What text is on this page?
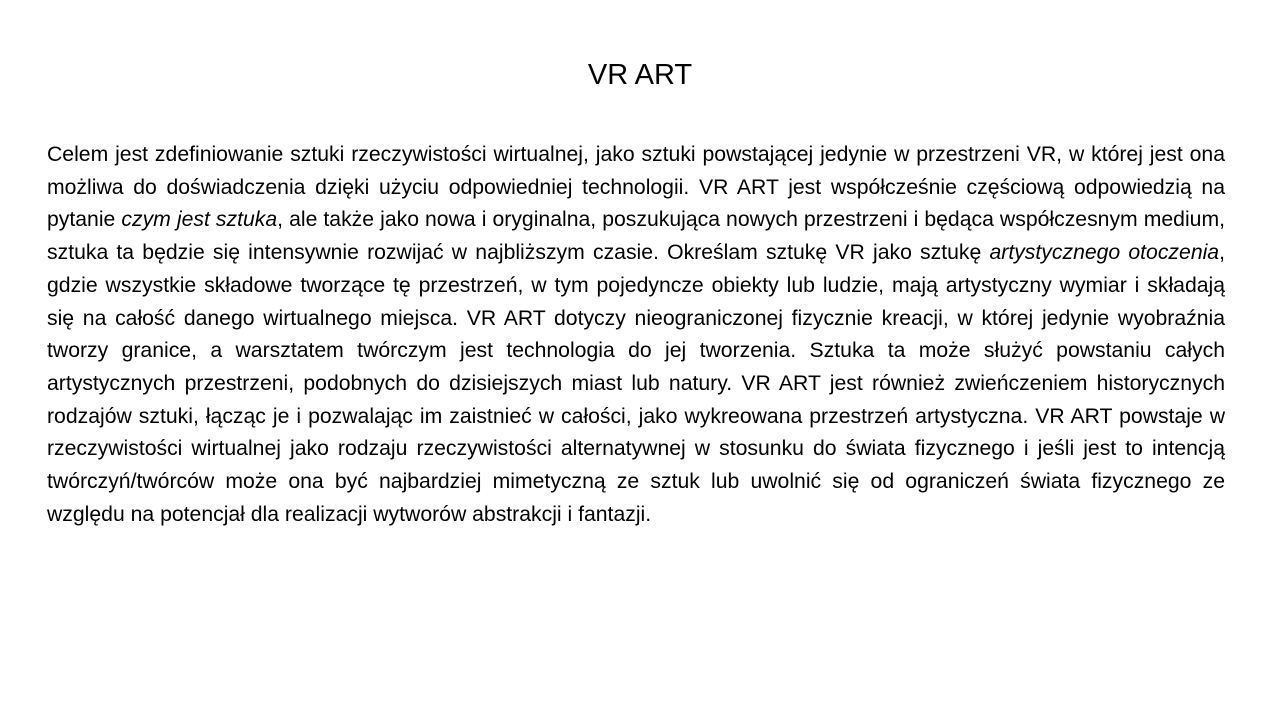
VR ART

Celem jest zdefiniowanie sztuki rzeczywistości wirtualnej, jako sztuki powstającej jedynie w przestrzeni VR, w której jest ona możliwa do doświadczenia dzięki użyciu odpowiedniej technologii. VR ART jest współcześnie częściową odpowiedzią na pytanie czym jest sztuka, ale także jako nowa i oryginalna, poszukująca nowych przestrzeni i będąca współczesnym medium, sztuka ta będzie się intensywnie rozwijać w najbliższym czasie. Określam sztukę VR jako sztukę artystycznego otoczenia, gdzie wszystkie składowe tworzące tę przestrzeń, w tym pojedyncze obiekty lub ludzie, mają artystyczny wymiar i składają się na całość danego wirtualnego miejsca. VR ART dotyczy nieograniczonej fizycznie kreacji, w której jedynie wyobraźnia tworzy granice, a warsztatem twórczym jest technologia do jej tworzenia. Sztuka ta może służyć powstaniu całych artystycznych przestrzeni, podobnych do dzisiejszych miast lub natury. VR ART jest również zwieńczeniem historycznych rodzajów sztuki, łącząc je i pozwalając im zaistnieć w całości, jako wykreowana przestrzeń artystyczna. VR ART powstaje w rzeczywistości wirtualnej jako rodzaju rzeczywistości alternatywnej w stosunku do świata fizycznego i jeśli jest to intencją twórczyń/twórców może ona być najbardziej mimetyczną ze sztuk lub uwolnić się od ograniczeń świata fizycznego ze względu na potencjał dla realizacji wytworów abstrakcji i fantazji.
